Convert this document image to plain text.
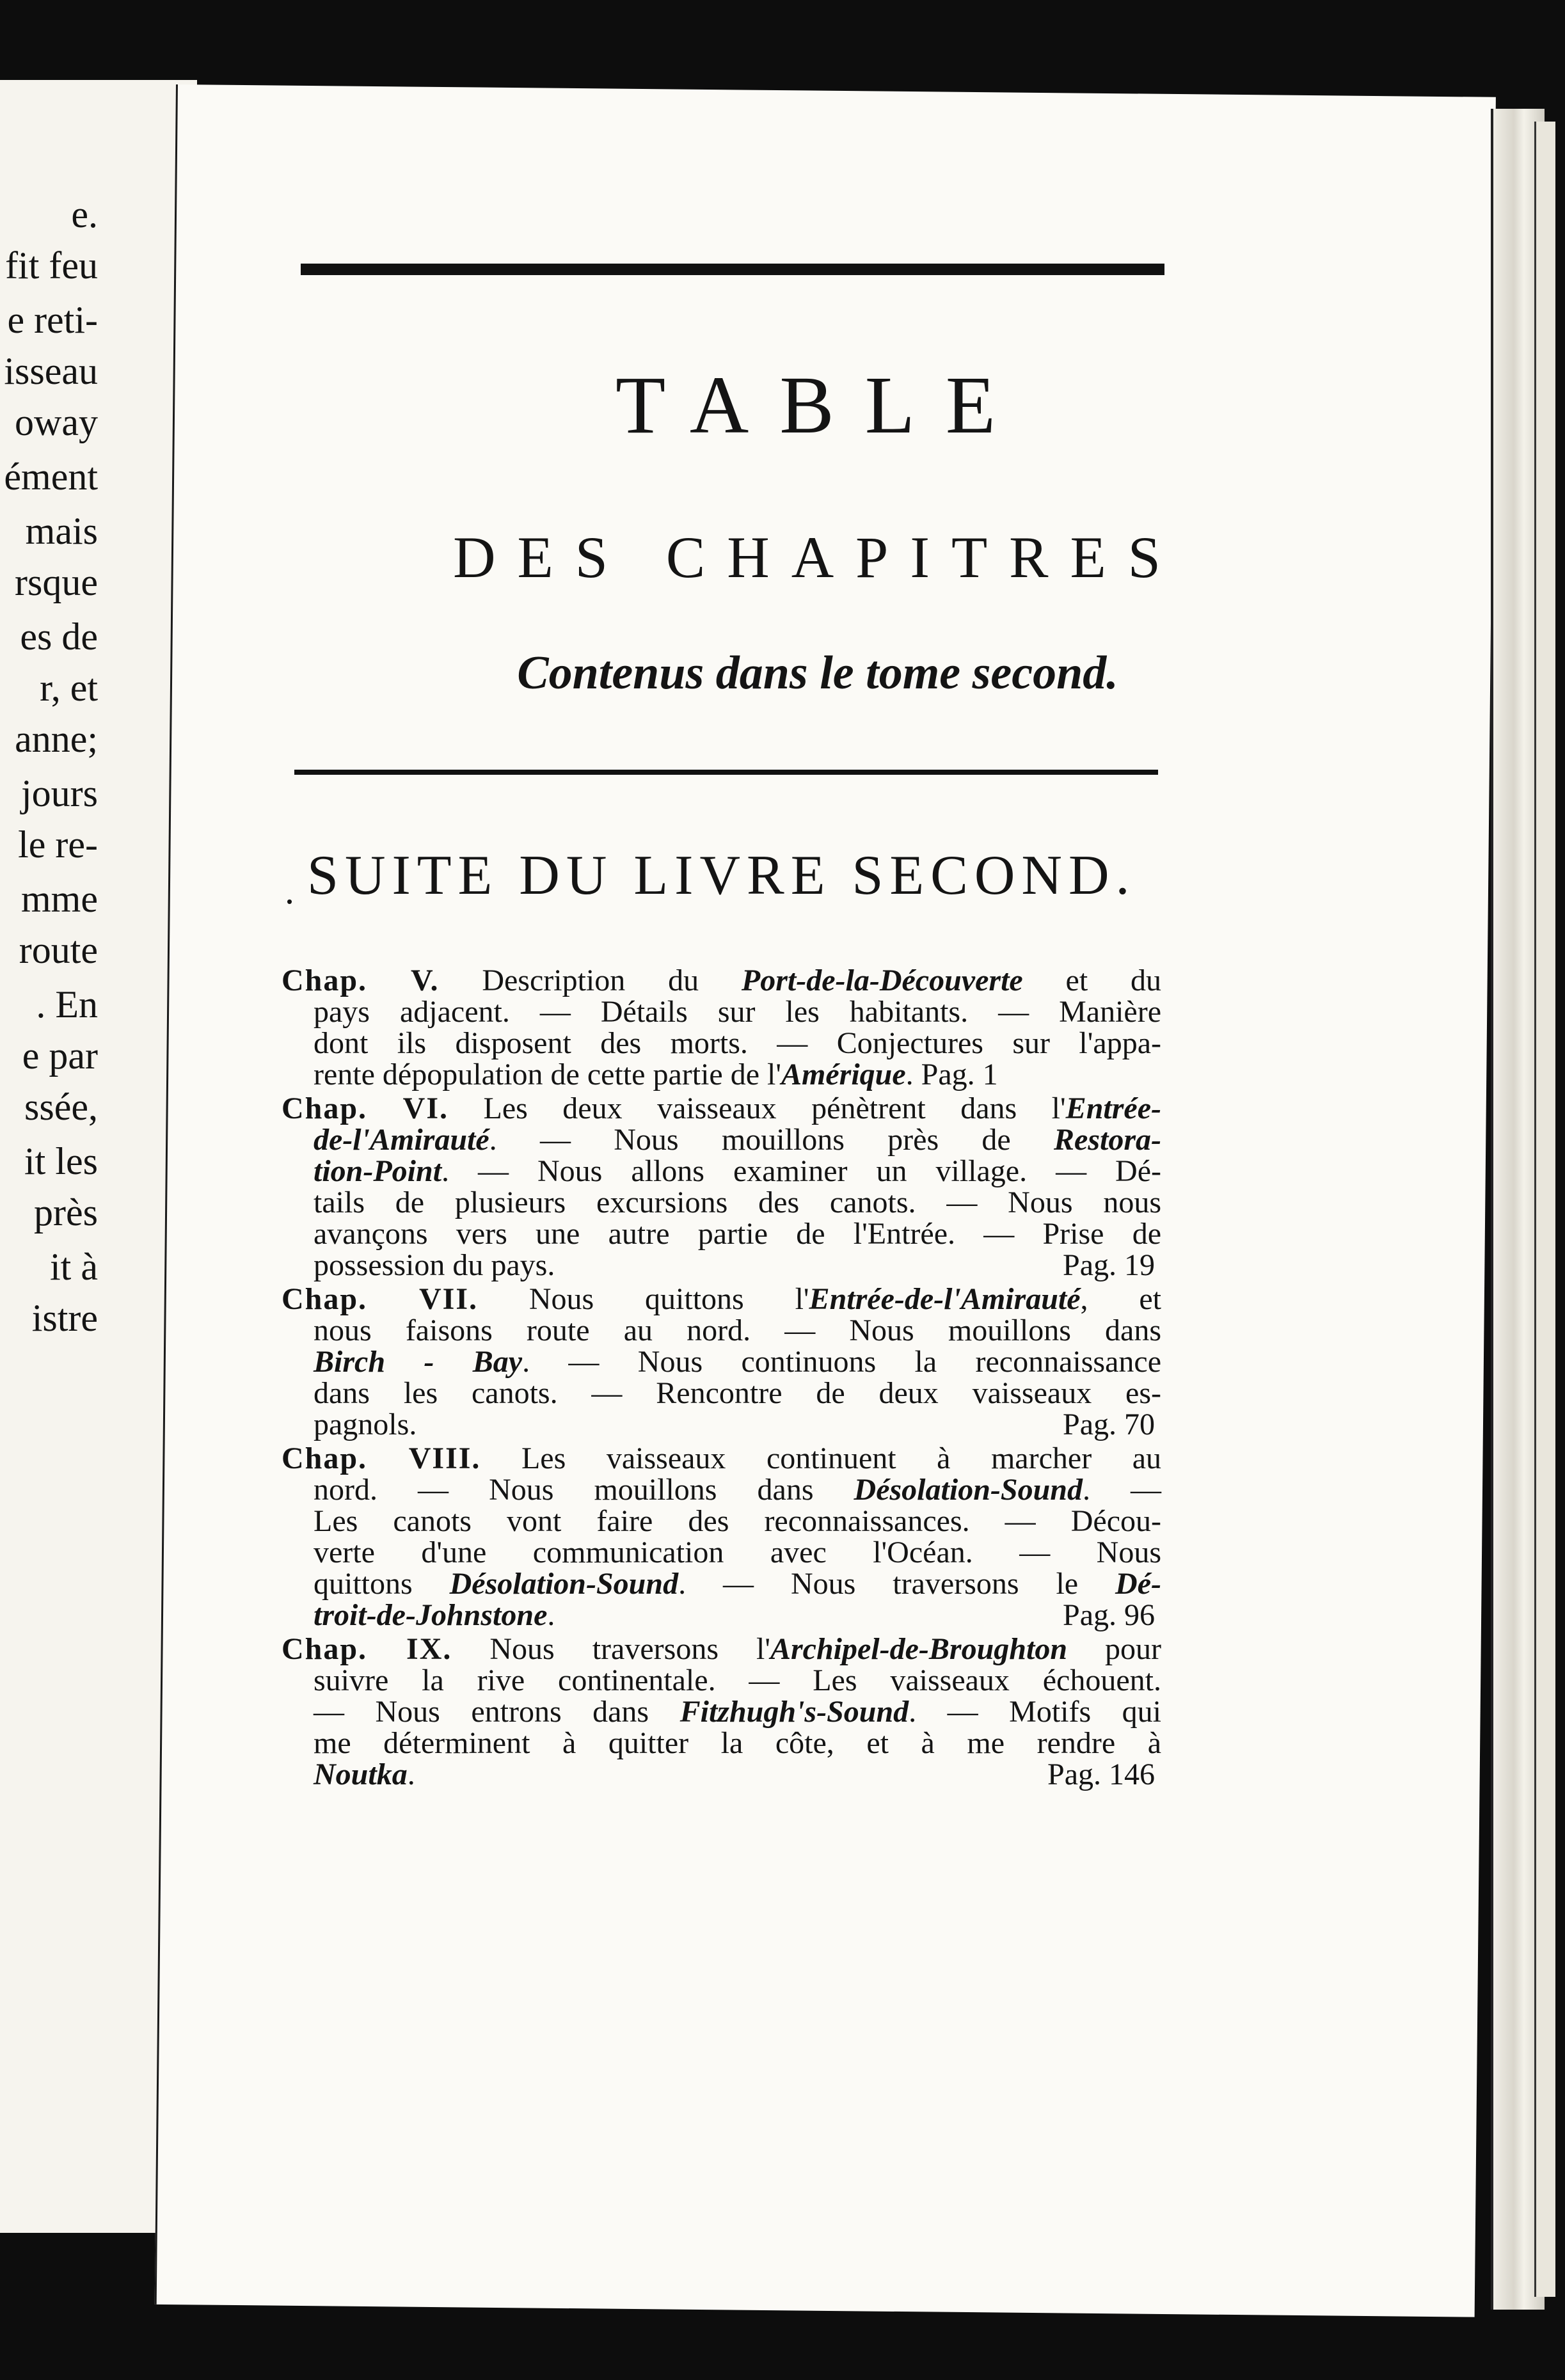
e.
fit feu
e reti-
isseau
oway
ément
mais
rsque
es de
r, et
anne;
jours
le re-
mme
route
. En
e par
ssée,
it les
près
it à
istre
TABLE
DES CHAPITRES
Contenus dans le tome second.
. SUITE DU LIVRE SECOND.

Chap. V. Description du Port-de-la-Découverte et du

pays adjacent. — Détails sur les habitants. — Manière

dont ils disposent des morts. — Conjectures sur l'appa-

rente dépopulation de cette partie de l'Amérique. Pag. 1

Chap. VI. Les deux vaisseaux pénètrent dans l'Entrée-

de-l'Amirauté. — Nous mouillons près de Restora-

tion-Point. — Nous allons examiner un village. — Dé-

tails de plusieurs excursions des canots. — Nous nous

avançons vers une autre partie de l'Entrée. — Prise de

possession du pays.	Pag. 19

Chap. VII. Nous quittons l'Entrée-de-l'Amirauté, et

nous faisons route au nord. — Nous mouillons dans

Birch - Bay. — Nous continuons la reconnaissance

dans les canots. — Rencontre de deux vaisseaux es-

pagnols.	Pag. 70

Chap. VIII. Les vaisseaux continuent à marcher au

nord. — Nous mouillons dans Désolation-Sound. —

Les canots vont faire des reconnaissances. — Décou-

verte d'une communication avec l'Océan. — Nous

quittons Désolation-Sound. — Nous traversons le Dé-

troit-de-Johnstone.	Pag. 96

Chap. IX. Nous traversons l'Archipel-de-Broughton pour

suivre la rive continentale. — Les vaisseaux échouent.

— Nous entrons dans Fitzhugh's-Sound. — Motifs qui

me déterminent à quitter la côte, et à me rendre à

Noutka.	Pag. 146
